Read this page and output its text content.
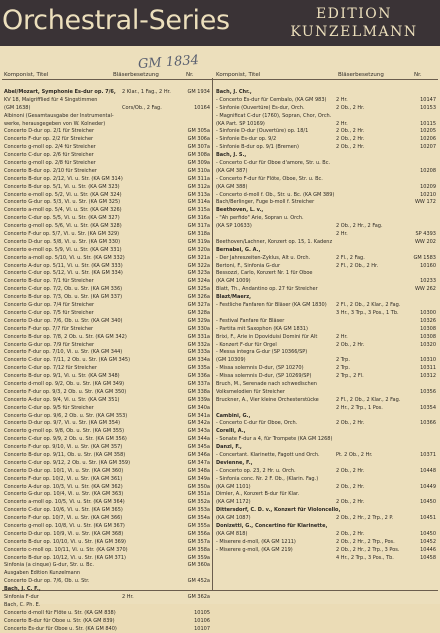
Orchestral-Series	EDITION
KUNZELMANN
GM 1834
Komponist, Titel	Bläserbesetzung	Nr.	Komponist, Titel	Bläserbesetzung	Nr.
Abel/Mozart, Symphonie Es-dur op. 7/6,	2 Klar., 1 Fag., 2 Hr.	GM 1934
KV 18, Maigrifflied für 4 Singstimmen
(GM 1638)	Cors/Ob., 2 Fag.	10164
Albinoni (Gesamtausgabe der Instrumental-
werke, herausgegeben von W. Kolneder)
Concerto D-dur op. 2/1 für Streicher	GM 305a
Concerto F-dur op. 2/2 für Streicher	GM 306a
Concerto g-moll op. 2/4 für Streicher	GM 307a
Concerto C-dur op. 2/6 für Streicher	GM 308a
Concerto g-moll op. 2/8 für Streicher	GM 309a
Concerto B-dur op. 2/10 für Streicher	GM 310a
Concerto B-dur op. 2/12, Vi. u. Str. (KA GM 314)	GM 311a
Concerto B-dur op. 5/1, Vi. u. Str. (KA GM 323)	GM 312a
Concerto e-moll op. 5/2, Vi. u. Str. (KA GM 324)	GM 313a
Concerto G-dur op. 5/3, Vi. u. Str. (KA GM 325)	GM 314a
Concerto a-moll op. 5/4, Vi. u. Str. (KA GM 326)	GM 315a
Concerto C-dur op. 5/5, Vi. u. Str. (KA GM 327)	GM 316a
Concerto g-moll op. 5/6, Vi. u. Str. (KA GM 328)	GM 317a
Concerto F-dur op. 5/7, Vi. u. Str. (KA GM 329)	GM 318a
Concerto D-dur op. 5/8, Vi. u. Str. (KA GM 330)	GM 319a
Concerto e-moll op. 5/9, Vi. u. Str. (KA GM 331)	GM 320a
Concerto a-moll op. 5/10, Vi. u. Str. (KA GM 332)	GM 321a
Concerto A-dur op. 5/11, Vi. u. Str. (KA GM 333)	GM 322a
Concerto C-dur op. 5/12, Vi. u. Str. (KA GM 334)	GM 323a
Concerto B-dur op. 7/1 für Streicher	GM 324a
Concerto C-dur op. 7/2, Ob. u. Str. (KA GM 336)	GM 325a
Concerto B-dur op. 7/3, Ob. u. Str. (KA GM 337)	GM 326a
Concerto G-dur op. 7/4 für Streicher	GM 327a
Concerto C-dur op. 7/5 für Streicher	GM 328a
Concerto D-dur op. 7/6, Ob. u. Str. (KA GM 340)	GM 329a
Concerto F-dur op. 7/7 für Streicher	GM 330a
Concerto B-dur op. 7/8, 2 Ob. u. Str. (KA GM 342)	GM 331a
Concerto G-dur op. 7/9 für Streicher	GM 332a
Concerto F-dur op. 7/10, Vi. u. Str. (KA GM 344)	GM 333a
Concerto C-dur op. 7/11, 2 Ob. u. Str. (KA GM 345)	GM 334a
Concerto C-dur op. 7/12 für Streicher	GM 335a
Concerto B-dur op. 9/1, Vi. u. Str. (KA GM 348)	GM 336a
Concerto d-moll op. 9/2, Ob. u. Str. (KA GM 349)	GM 337a
Concerto F-dur op. 9/3, 2 Ob. u. Str. (KA GM 350)	GM 338a
Concerto A-dur op. 9/4, Vi. u. Str. (KA GM 351)	GM 339a
Concerto C-dur op. 9/5 für Streicher	GM 340a
Concerto G-dur op. 9/6, 2 Ob. u. Str. (KA GM 353)	GM 341a
Concerto D-dur op. 9/7, Vi. u. Str. (KA GM 354)	GM 342a
Concerto g-moll op. 9/8, Ob. u. Str. (KA GM 355)	GM 343a
Concerto C-dur op. 9/9, 2 Ob. u. Str. (KA GM 356)	GM 344a
Concerto F-dur op. 9/10, Vi. u. Str. (KA GM 357)	GM 345a
Concerto B-dur op. 9/11, Ob. u. Str. (KA GM 358)	GM 346a
Concerto C-dur op. 9/12, 2 Ob. u. Str. (KA GM 359)	GM 347a
Concerto D-dur op. 10/1, Vi. u. Str. (KA GM 360)	GM 348a
Concerto F-dur op. 10/2, Vi. u. Str. (KA GM 361)	GM 349a
Concerto A-dur op. 10/3, Vi. u. Str. (KA GM 362)	GM 350a
Concerto G-dur op. 10/4, Vi. u. Str. (KA GM 363)	GM 351a
Concerto a-moll op. 10/5, Vi. u. Str. (KA GM 364)	GM 352a
Concerto C-dur op. 10/6, Vi. u. Str. (KA GM 365)	GM 353a
Concerto F-dur op. 10/7, Vi. u. Str. (KA GM 366)	GM 354a
Concerto g-moll op. 10/8, Vi. u. Str. (KA GM 367)	GM 355a
Concerto D-dur op. 10/9, Vi. u. Str. (KA GM 368)	GM 356a
Concerto B-dur op. 10/10, Vi. u. Str. (KA GM 369)	GM 357a
Concerto c-moll op. 10/11, Vi. u. Str. (KA GM 370)	GM 358a
Concerto B-dur op. 10/12, Vi. u. Str. (KA GM 371)	GM 359a
Sinfonia (a cinque) G-dur, Str. u. Bc.	GM 360a
Ausgaben Edition Kunzelmann
Concerto D-dur op. 7/6, Ob. u. Str.	GM 452a
Bach, J. C. F.,
Sinfonia F-dur	2 Hr.	GM 362a
Bach, C. Ph. E.
Concerto d-moll für Flöte u. Str. (KA GM 838)	10105
Concerto B-dur für Oboe u. Str. (KA GM 839)	10106
Concerto Es-dur für Oboe u. Str. (KA GM 840)	10107
Bach, J. Chr.,
- Concerto Es-dur für Cembalo, (KA GM 983)	2 Hr.	10147
- Sinfonie (Ouvertüre) Es-dur, Orch.	2 Ob., 2 Hr.	10153
- Magnificat C-dur (1760), Sopran, Chor, Orch.
(KA Part. SP 10169)	2 Hr.	10115
- Sinfonie D-dur (Ouvertüre) op. 18/1	2 Ob., 2 Hr.	10205
- Sinfonie Es-dur op. 9/2	2 Ob., 2 Hr.	10206
- Sinfonie B-dur op. 9/1 (Bremen)	2 Ob., 2 Hr.	10207
Bach, J. S.,
- Concerto C-dur für Oboe d'amore, Str. u. Bc.
(KA GM 387)	10208
- Concerto F-dur für Flöte, Oboe, Str. u. Bc.
(KA GM 388)	10209
- Concerto d-moll f. Ob., Str. u. Bc. (KA GM 389)	10210
Bach/Berlinger, Fuge b-moll f. Streicher	WW 172
Beethoven, L. v.,
- "Ah perfido" Arie, Sopran u. Orch.
(KA SP 10633)	2 Ob., 2 Hr., 2 Fag.
2 Hr.	SP 4393
Beethoven/Lachner, Konzert op. 15, 1. Kadenz	WW 202
Bernabei, G. A.,
- Der Jahreszeiten-Zyklus, Alt u. Orch.	2 Fl., 2 Fag.	GM 1583
Bertoni, F., Sinfonia G-dur	2 Fl., 2 Ob., 2 Hr.	10160
Bessozzi, Carlo, Konzert Nr. 1 für Oboe
(KA GM 1009)	10233
Blatt, Th., Andantino op. 27 für Streicher	WW 262
Blazt/Maerz,
- Festliche Fanfaren für Bläser (KA GM 1830)	2 Fl., 2 Ob., 2 Klar., 2 Fag.
3 Hr., 3 Trp., 3 Pos., 1 Tb.	10300
- Festival Fanfare für Bläser	10326
- Partita mit Saxophon (KA GM 1831)	10308
Brixi, F., Arie in Dpoviduisi Domini für Alt	2 Hr.	10308
- Konzert F-dur für Orgel	2 Ob., 2 Hr.	10320
- Messa integra G-dur (SP 10366/SP)
(GM 10309)	2 Trp.	10310
- Missa solemnis D-dur, (SP 10270)	2 Trp.	10311
- Missa solemnis D-dur, (SP 10269/SP)	2 Trp., 2 Fl.	10312
Bruch, M., Serenade nach schwedischen
Volksmelodien für Streicher	10356
Bruckner, A., Vier kleine Orchesterstücke	2 Fl., 2 Ob., 2 Klar., 2 Fag.
2 Hr., 2 Trp., 1 Pos.	10354
Cambini, G.,
- Concerto C-dur für Oboe, Orch.	2 Ob., 2 Hr.	10366
Corelli, A.,
- Sonate F-dur a 4, für Trompete (KA GM 1268)
Danzi, F.,
- Concertant. Klarinette, Fagott und Orch.	Pt. 2 Ob., 2 Hr.	10371
Devienne, F.,
- Concerto op. 23, 2 Hr. u. Orch.	2 Ob., 2 Hr.	10448
- Sinfonia conc. Nr. 2 F. Ob., (Klarin. Fag.)
(KA GM 1101)	2 Ob., 2 Hr.	10449
Dimler, A., Konzert B-dur für Klar.
(KA GM 1172)	2 Ob., 2 Hr.	10450
Dittersdorf, C. D. v., Konzert für Violoncello,
(KA GM 1087)	2 Ob., 2 Hr., 2 Trp., 2 P.	10451
Donizetti, G., Concertino für Klarinette,
(KA GM 818)	2 Ob., 2 Hr.	10450
- Miserere d-moll, (KA GM 1211)	2 Ob., 2 Hr., 2 Trp., Pos.	10452
- Miserere g-moll, (KA GM 219)	2 Ob., 2 Hr., 2 Trp., 3 Pos.	10446
4 Hr., 2 Trp., 3 Pos., Tb.	10458
